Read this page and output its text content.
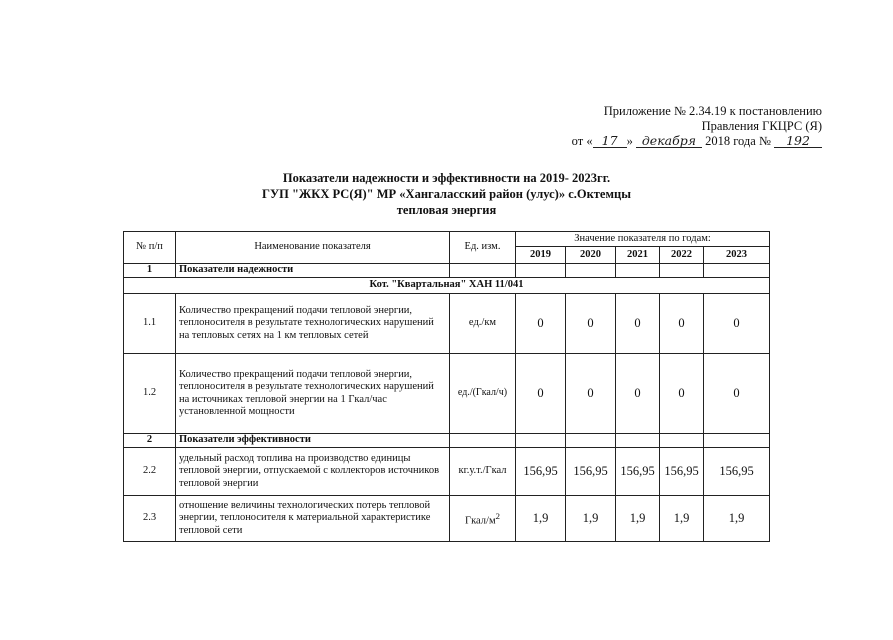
Приложение № 2.34.19 к постановлению
Правления ГКЦРС (Я)
от « 17 » декабря 2018 года № 192
Показатели надежности и эффективности на 2019- 2023гг.
ГУП "ЖКХ РС(Я)" МР «Хангаласский район (улус)» с.Октемцы
тепловая энергия
№ п/п	Наименование показателя	Ед. изм.	Значение показателя по годам:				
			2019	2020	2021	2022	2023
1	Показатели надежности						
Кот. "Квартальная" ХАН 11/041							
1.1	Количество прекращений подачи тепловой энергии, теплоносителя в результате технологических нарушений на тепловых сетях на 1 км тепловых сетей	ед./км	0	0	0	0	0
1.2	Количество прекращений подачи тепловой энергии, теплоносителя в результате технологических нарушений на источниках тепловой энергии на 1 Гкал/час установленной мощности	ед./(Гкал/ч)	0	0	0	0	0
2	Показатели эффективности						
2.2	удельный расход топлива на производство единицы тепловой энергии, отпускаемой с коллекторов источников тепловой энергии	кг.у.т./Гкал	156,95	156,95	156,95	156,95	156,95
2.3	отношение величины технологических потерь тепловой энергии, теплоносителя к материальной характеристике тепловой сети	Гкал/$м^2$	1,9	1,9	1,9	1,9	1,9
